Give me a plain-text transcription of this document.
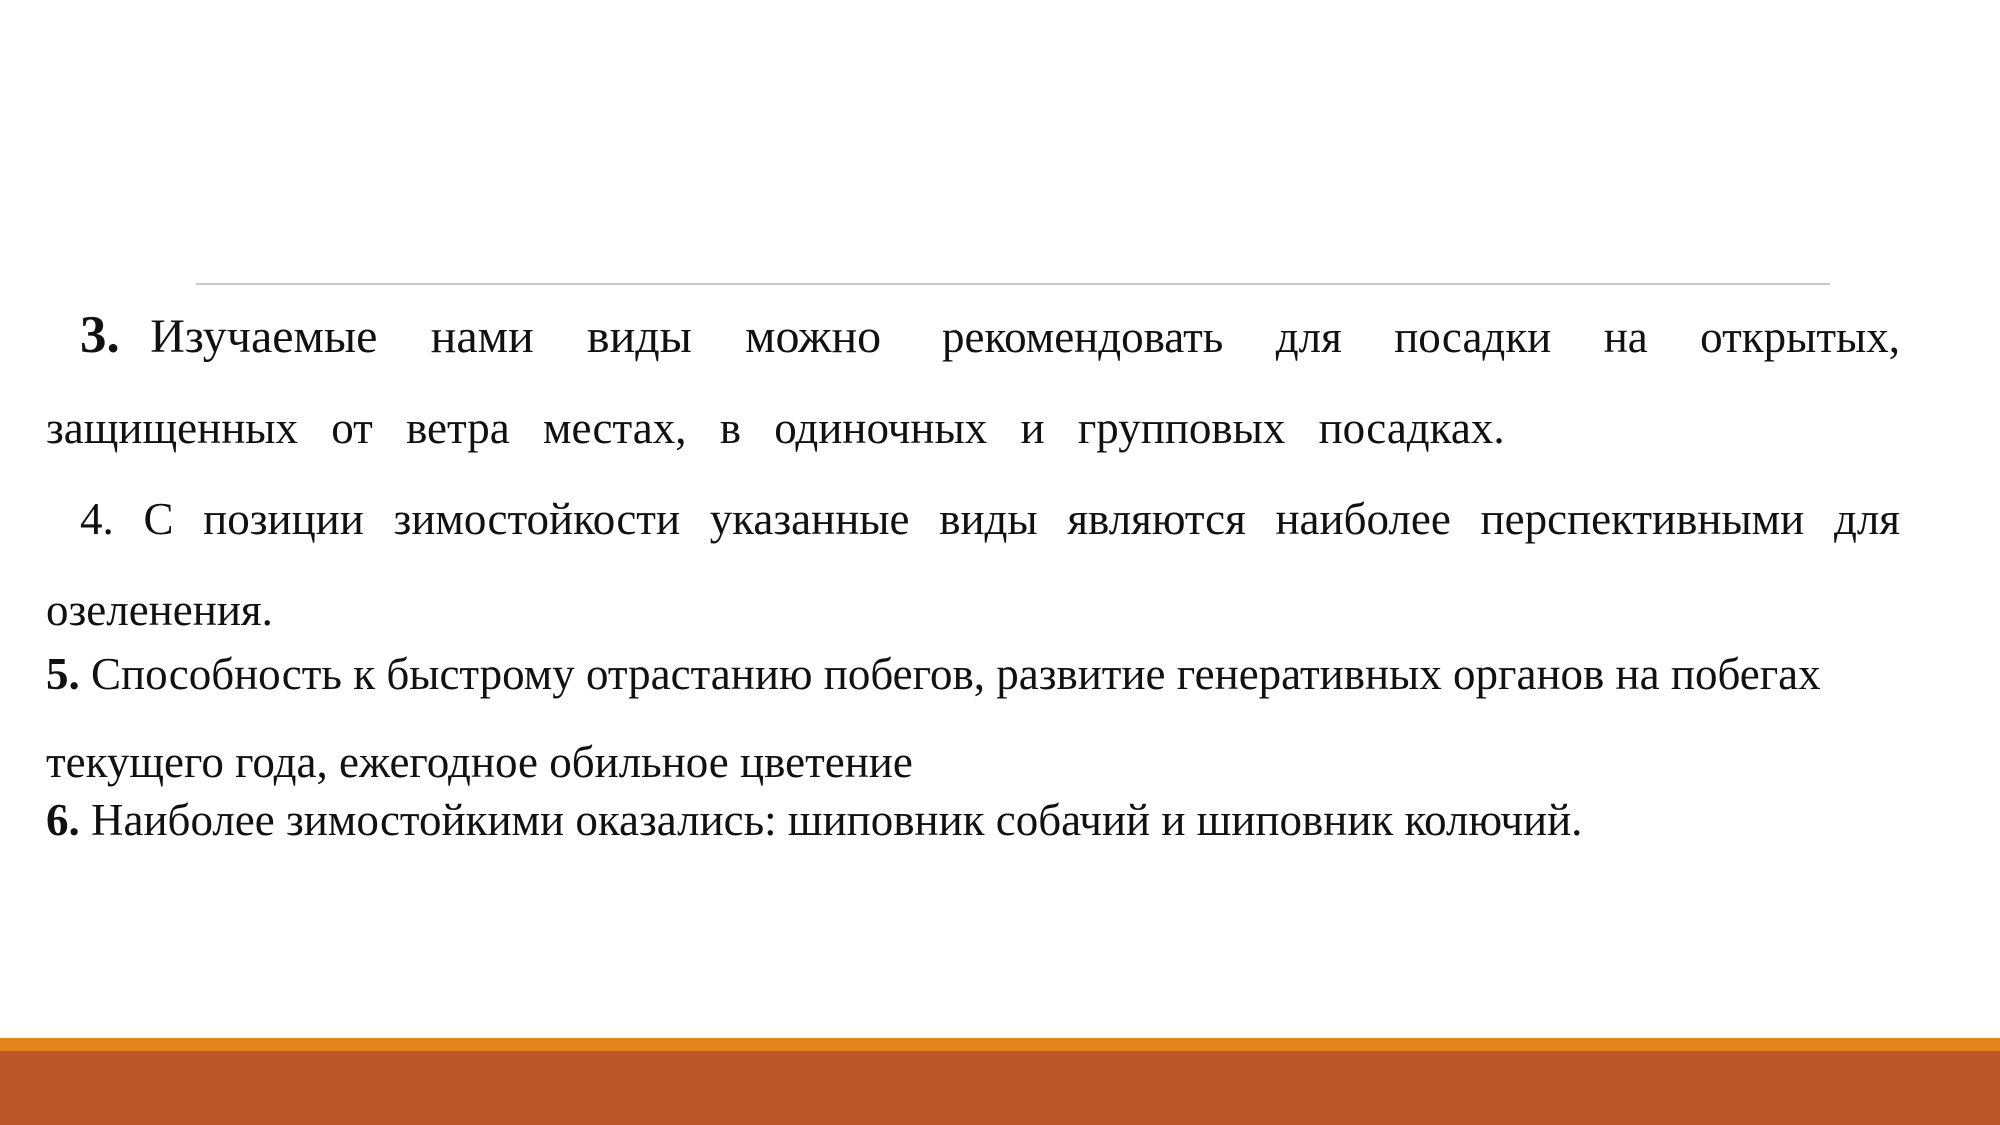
3. Изучаемые нами виды можно рекомендовать для посадки на открытых, защищенных от ветра местах, в одиночных и групповых посадках.

4. С позиции зимостойкости указанные виды являются наиболее перспективными для озеленения.

5. Способность к быстрому отрастанию побегов, развитие генеративных органов на побегах текущего года, ежегодное обильное цветение

6. Наиболее зимостойкими оказались: шиповник собачий и шиповник колючий.
